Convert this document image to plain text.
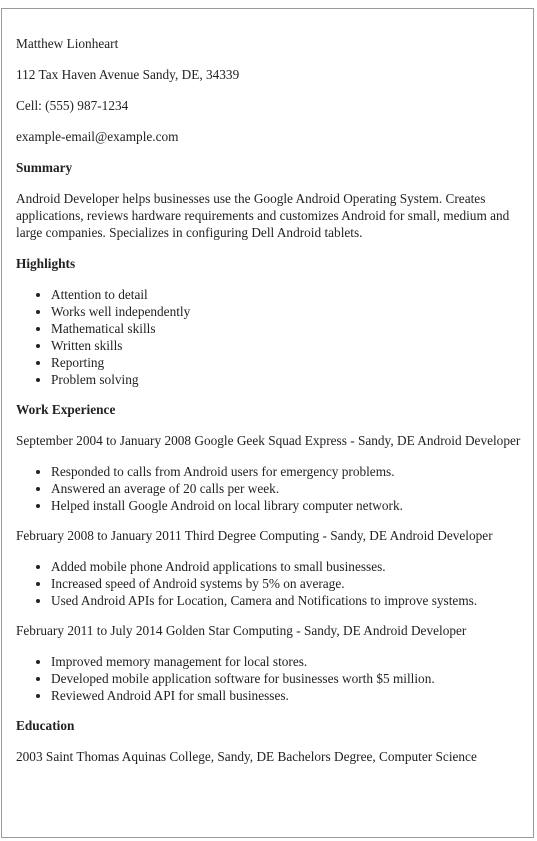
Matthew Lionheart
112 Tax Haven Avenue Sandy, DE, 34339
Cell: (555) 987-1234
example-email@example.com
Summary
Android Developer helps businesses use the Google Android Operating System. Creates applications, reviews hardware requirements and customizes Android for small, medium and large companies. Specializes in configuring Dell Android tablets.
Highlights
• Attention to detail
• Works well independently
• Mathematical skills
• Written skills
• Reporting
• Problem solving
Work Experience
September 2004 to January 2008 Google Geek Squad Express - Sandy, DE Android Developer
• Responded to calls from Android users for emergency problems.
• Answered an average of 20 calls per week.
• Helped install Google Android on local library computer network.
February 2008 to January 2011 Third Degree Computing - Sandy, DE Android Developer
• Added mobile phone Android applications to small businesses.
• Increased speed of Android systems by 5% on average.
• Used Android APIs for Location, Camera and Notifications to improve systems.
February 2011 to July 2014 Golden Star Computing - Sandy, DE Android Developer
• Improved memory management for local stores.
• Developed mobile application software for businesses worth $5 million.
• Reviewed Android API for small businesses.
Education
2003 Saint Thomas Aquinas College, Sandy, DE Bachelors Degree, Computer Science
